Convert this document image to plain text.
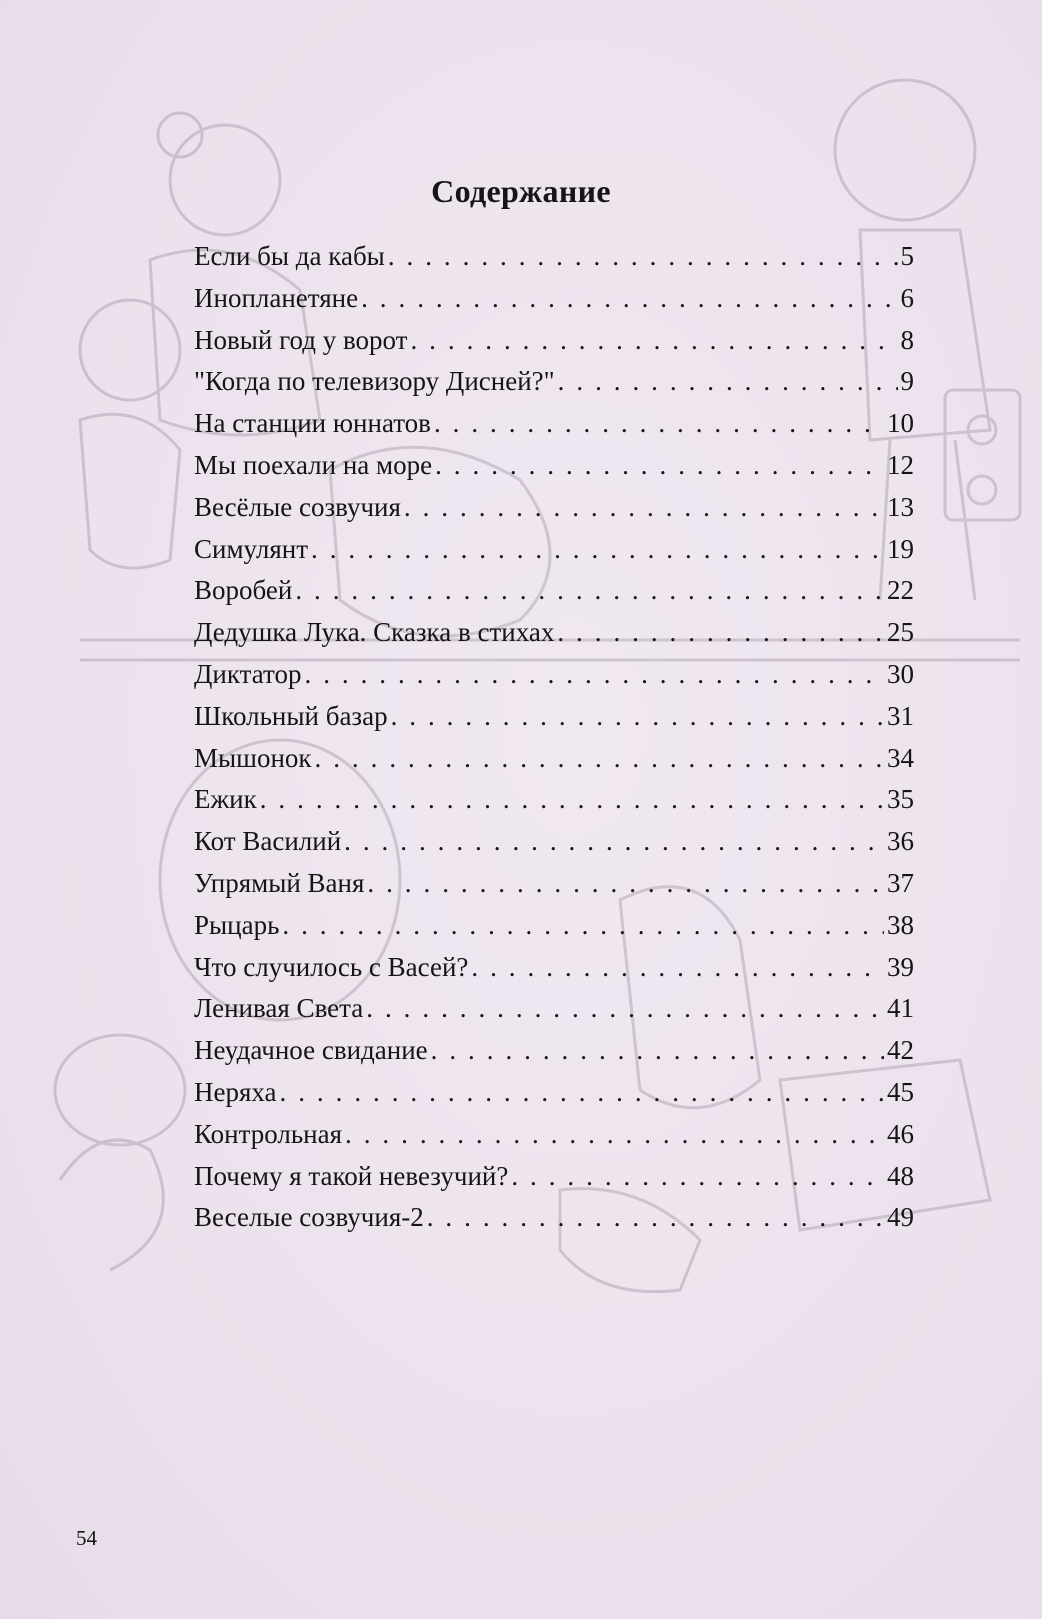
Содержание
Если бы да кабы . . .	5
Инопланетяне . . .	6
Новый год у ворот . . .	8
"Когда по телевизору Дисней?" . . .	9
На станции юннатов . . .	10
Мы поехали на море . . .	12
Весёлые созвучия . . .	13
Симулянт . . .	19
Воробей . . .	22
Дедушка Лука. Сказка в стихах . . .	25
Диктатор . . .	30
Школьный базар . . .	31
Мышонок . . .	34
Ежик . . .	35
Кот Василий . . .	36
Упрямый Ваня . . .	37
Рыцарь . . .	38
Что случилось с Васей? . . .	39
Ленивая Света . . .	41
Неудачное свидание . . .	42
Неряха . . .	45
Контрольная . . .	46
Почему я такой невезучий? . . .	48
Веселые созвучия-2 . . .	49
54
